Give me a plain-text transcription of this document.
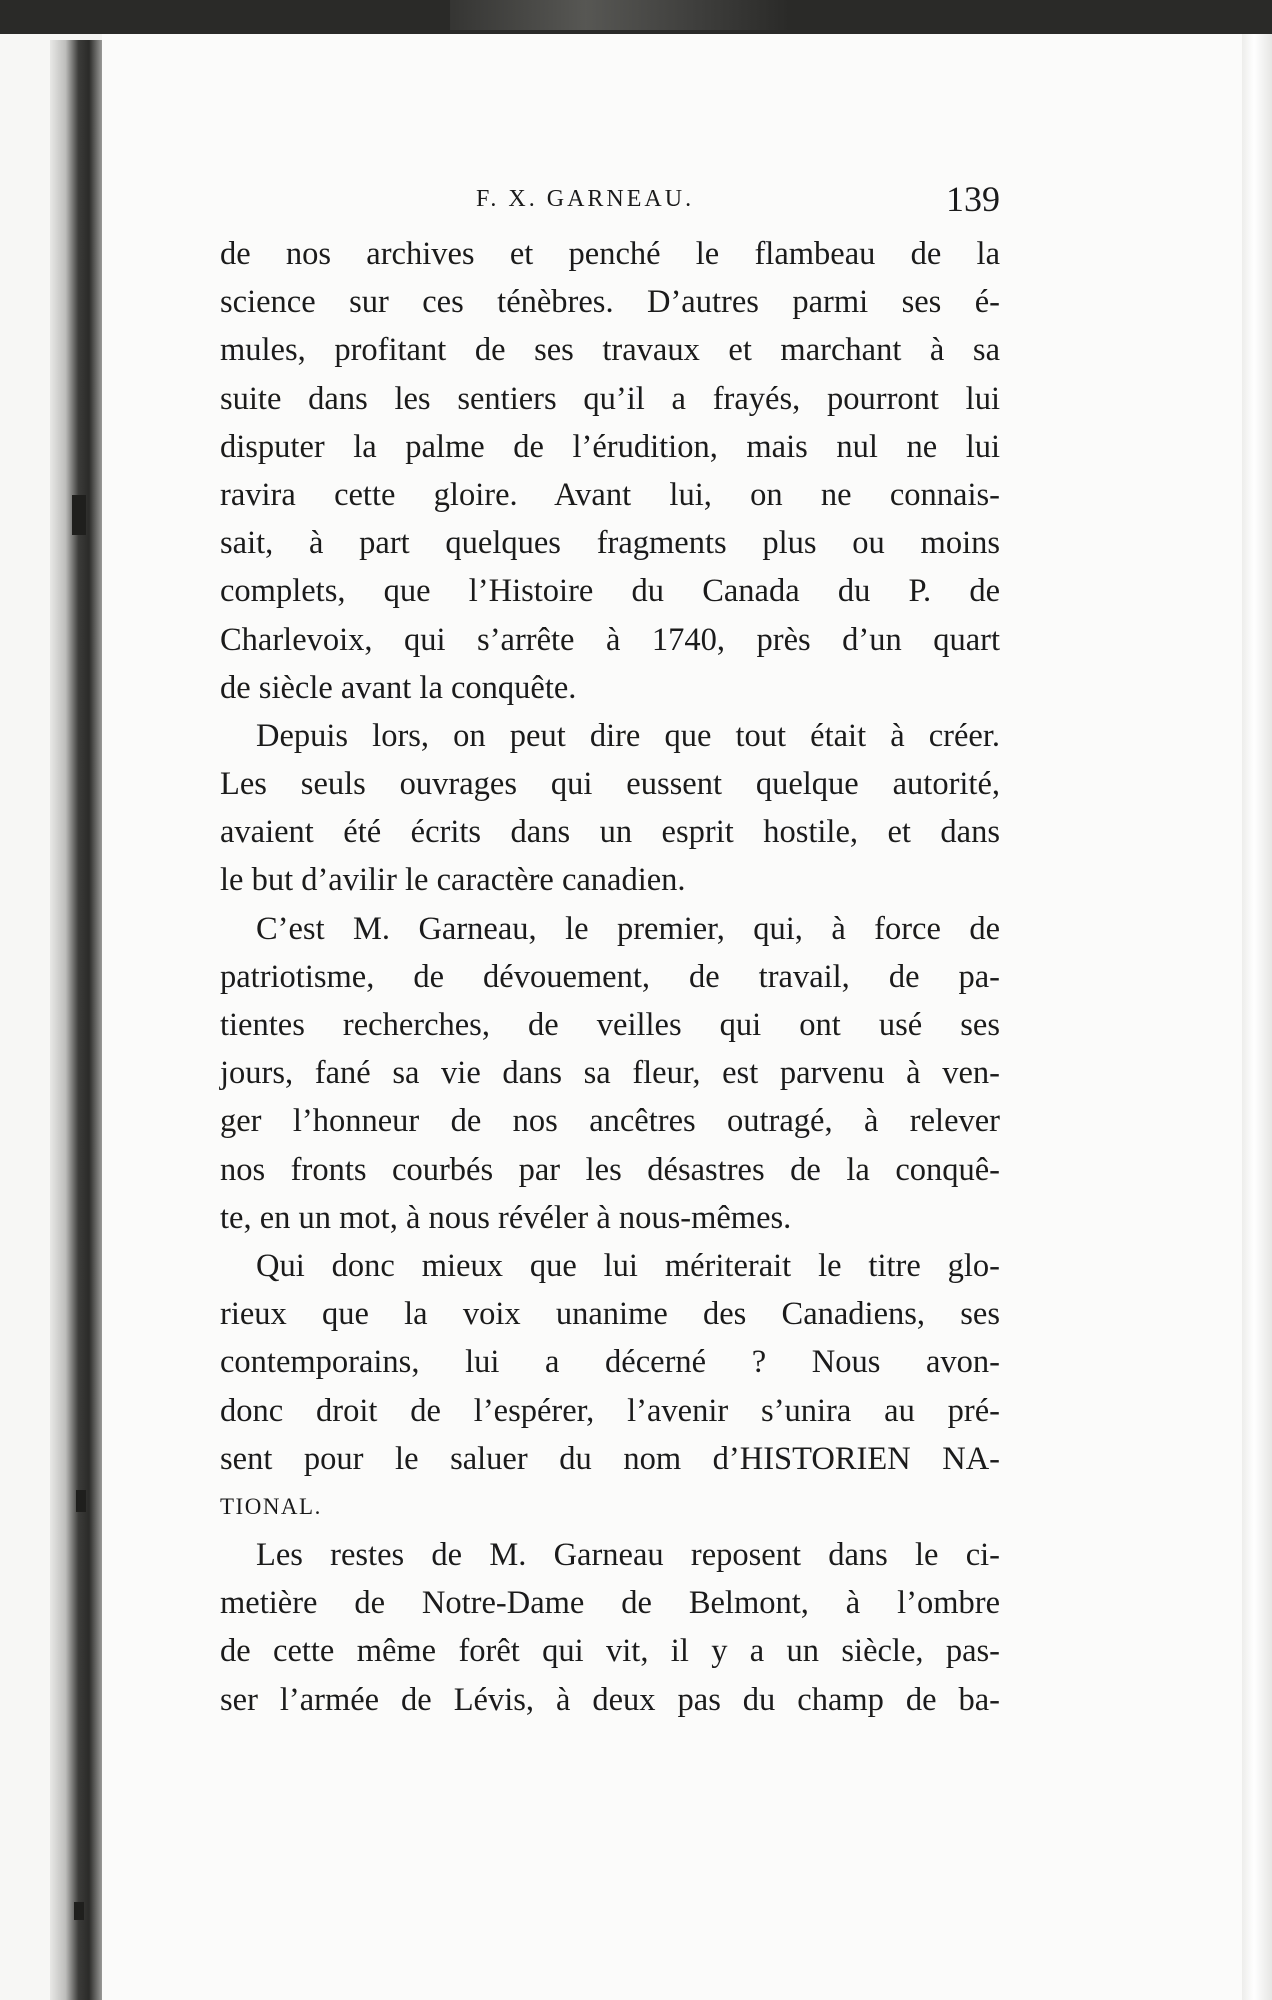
F. X. GARNEAU.	139
de nos archives et penché le flambeau de la
science sur ces ténèbres. D’autres parmi ses é-
mules, profitant de ses travaux et marchant à sa
suite dans les sentiers qu’il a frayés, pourront lui
disputer la palme de l’érudition, mais nul ne lui
ravira cette gloire. Avant lui, on ne connais-
sait, à part quelques fragments plus ou moins
complets, que l’Histoire du Canada du P. de
Charlevoix, qui s’arrête à 1740, près d’un quart
de siècle avant la conquête.
Depuis lors, on peut dire que tout était à créer.
Les seuls ouvrages qui eussent quelque autorité,
avaient été écrits dans un esprit hostile, et dans
le but d’avilir le caractère canadien.
C’est M. Garneau, le premier, qui, à force de
patriotisme, de dévouement, de travail, de pa-
tientes recherches, de veilles qui ont usé ses
jours, fané sa vie dans sa fleur, est parvenu à ven-
ger l’honneur de nos ancêtres outragé, à relever
nos fronts courbés par les désastres de la conquê-
te, en un mot, à nous révéler à nous-mêmes.
Qui donc mieux que lui mériterait le titre glo-
rieux que la voix unanime des Canadiens, ses
contemporains, lui a décerné ? Nous avon-
donc droit de l’espérer, l’avenir s’unira au pré-
sent pour le saluer du nom d’HISTORIEN NA-
TIONAL.
Les restes de M. Garneau reposent dans le ci-
metière de Notre-Dame de Belmont, à l’ombre
de cette même forêt qui vit, il y a un siècle, pas-
ser l’armée de Lévis, à deux pas du champ de ba-
